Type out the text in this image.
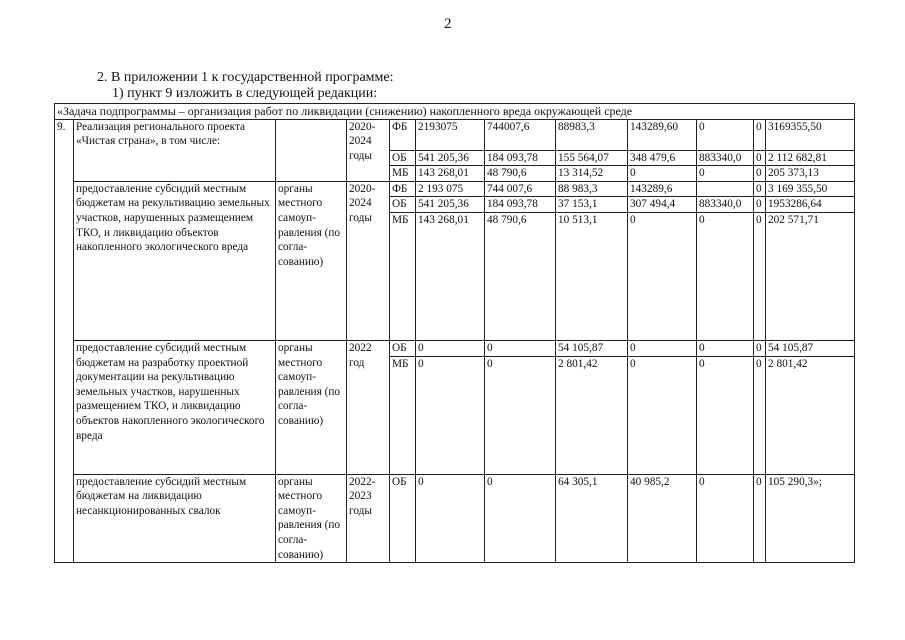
2
2. В приложении 1 к государственной программе:
1) пункт 9 изложить в следующей редакции:
«Задача подпрограммы – организация работ по ликвидации (снижению) накопленного вреда окружающей среде											
9.	Реализация регионального проекта «Чистая страна», в том числе:		2020-
2024
годы	ФБ	2193075	744007,6	88983,3	143289,60	0	0	3169355,50
				ОБ	541 205,36	184 093,78	155 564,07	348 479,6	883340,0	0	2 112 682,81
				МБ	143 268,01	48 790,6	13 314,52	0	0	0	205 373,13
	предоставление субсидий местным бюджетам на рекультивацию земельных участков, нарушенных размещением ТКО, и ликвидацию объектов накопленного экологического вреда	органы местного самоуп-равления (по согла-сованию)	2020-
2024
годы	ФБ	2 193 075	744 007,6	88 983,3	143289,6		0	3 169 355,50
				ОБ	541 205,36	184 093,78	37 153,1	307 494,4	883340,0	0	1953286,64
				МБ	143 268,01	48 790,6	10 513,1	0	0	0	202 571,71
	предоставление субсидий местным бюджетам на разработку проектной документации на рекультивацию земельных участков, нарушенных размещением ТКО, и ликвидацию объектов накопленного экологического вреда	органы местного самоуп-равления (по согла-сованию)	2022
год	ОБ	0	0	54 105,87	0	0	0	54 105,87
				МБ	0	0	2 801,42	0	0	0	2 801,42
	предоставление субсидий местным бюджетам на ликвидацию несанкционированных свалок	органы местного самоуп-равления (по согла-сованию)	2022-
2023
годы	ОБ	0	0	64 305,1	40 985,2	0	0	105 290,3»;
